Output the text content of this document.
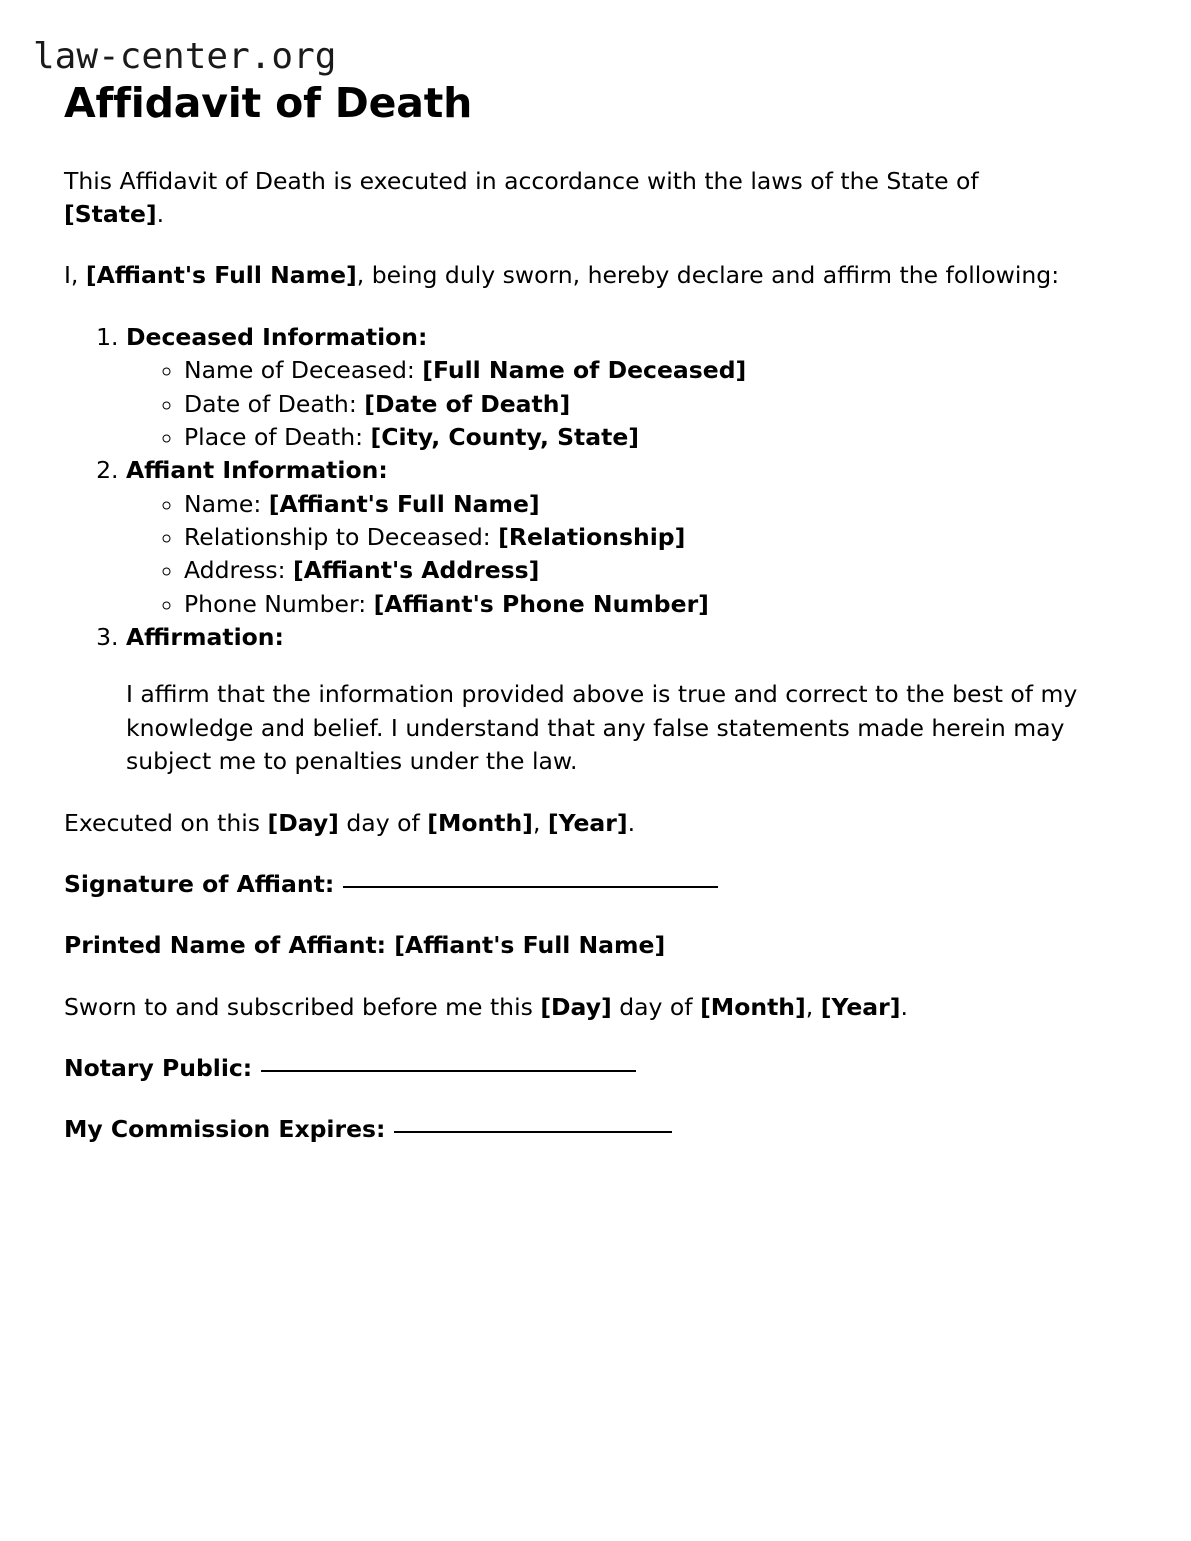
law-center.org
Affidavit of Death

This Affidavit of Death is executed in accordance with the laws of the State of [State].

I, [Affiant's Full Name], being duly sworn, hereby declare and affirm the following:

1. Deceased Information:
◦ Name of Deceased: [Full Name of Deceased]
◦ Date of Death: [Date of Death]
◦ Place of Death: [City, County, State]
2. Affiant Information:
◦ Name: [Affiant's Full Name]
◦ Relationship to Deceased: [Relationship]
◦ Address: [Affiant's Address]
◦ Phone Number: [Affiant's Phone Number]
3. Affirmation:

I affirm that the information provided above is true and correct to the best of my knowledge and belief. I understand that any false statements made herein may subject me to penalties under the law.

Executed on this [Day] day of [Month], [Year].

Signature of Affiant:

Printed Name of Affiant: [Affiant's Full Name]

Sworn to and subscribed before me this [Day] day of [Month], [Year].

Notary Public:

My Commission Expires:
